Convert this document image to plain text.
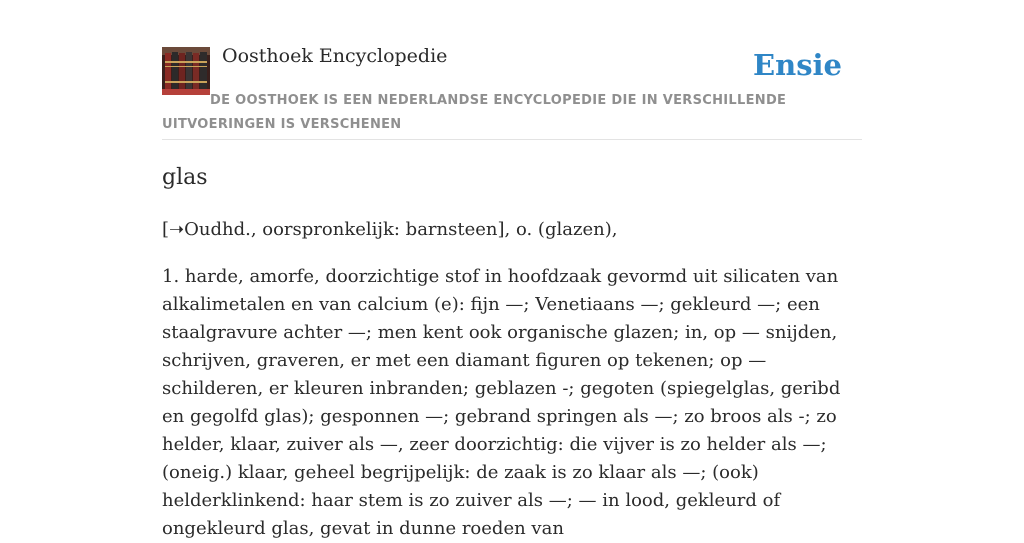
Oosthoek Encyclopedie	Ensie
DE OOSTHOEK IS EEN NEDERLANDSE ENCYCLOPEDIE DIE IN VERSCHILLENDE UITVOERINGEN IS VERSCHENEN
glas

[➝Oudhd., oorspronkelijk: barnsteen], o. (glazen),

1. harde, amorfe, doorzichtige stof in hoofdzaak gevormd uit silicaten van alkalimetalen en van calcium (e): fijn —; Venetiaans —; gekleurd —; een staalgravure achter —; men kent ook organische glazen; in, op — snijden, schrijven, graveren, er met een diamant figuren op tekenen; op — schilderen, er kleuren inbranden; geblazen -; gegoten (spiegelglas, geribd en gegolfd glas); gesponnen —; gebrand springen als —; zo broos als -; zo helder, klaar, zuiver als —, zeer doorzichtig: die vijver is zo helder als —; (oneig.) klaar, geheel begrijpelijk: de zaak is zo klaar als —; (ook) helderklinkend: haar stem is zo zuiver als —; — in lood, gekleurd of ongekleurd glas, gevat in dunne roeden van
